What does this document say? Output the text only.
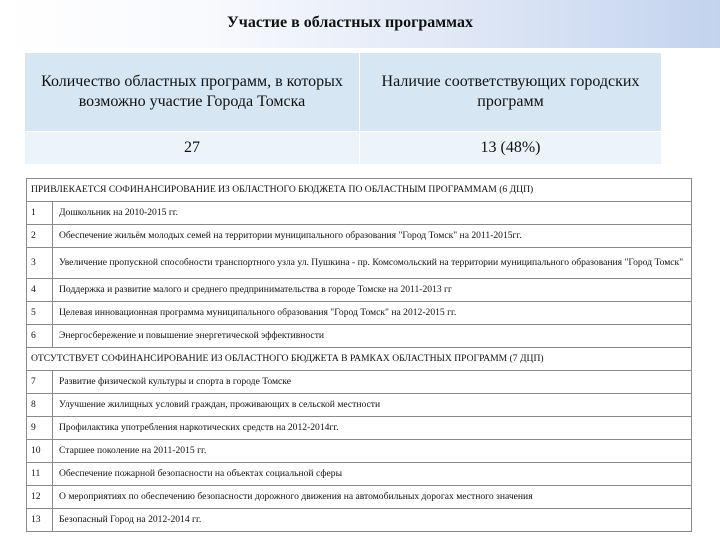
Участие в областных программах
Количество областных программ, в которых возможно участие Города Томска	Наличие соответствующих городских программ
27	13 (48%)
ПРИВЛЕКАЕТСЯ СОФИНАНСИРОВАНИЕ ИЗ ОБЛАСТНОГО БЮДЖЕТА ПО ОБЛАСТНЫМ ПРОГРАММАМ (6 ДЦП)	
1	Дошкольник на 2010-2015 гг.
2	Обеспечение жильём молодых семей на территории муниципального образования "Город Томск" на 2011-2015гг.
3	Увеличение пропускной способности транспортного узла ул. Пушкина - пр. Комсомольский на территории муниципального образования "Город Томск"
4	Поддержка и развитие малого и среднего предпринимательства в городе Томске на 2011-2013 гг
5	Целевая инновационная программа муниципального образования "Город Томск" на 2012-2015 гг.
6	Энергосбережение и повышение энергетической эффективности
ОТСУТСТВУЕТ СОФИНАНСИРОВАНИЕ ИЗ ОБЛАСТНОГО БЮДЖЕТА В РАМКАХ ОБЛАСТНЫХ ПРОГРАММ (7 ДЦП)	
7	Развитие физической культуры и спорта в городе Томске
8	Улучшение жилищных условий граждан, проживающих в сельской местности
9	Профилактика употребления наркотических средств на 2012-2014гг.
10	Старшее поколение на 2011-2015 гг.
11	Обеспечение пожарной безопасности на объектах социальной сферы
12	О мероприятиях по обеспечению безопасности дорожного движения на автомобильных дорогах местного значения
13	Безопасный Город на 2012-2014 гг.
